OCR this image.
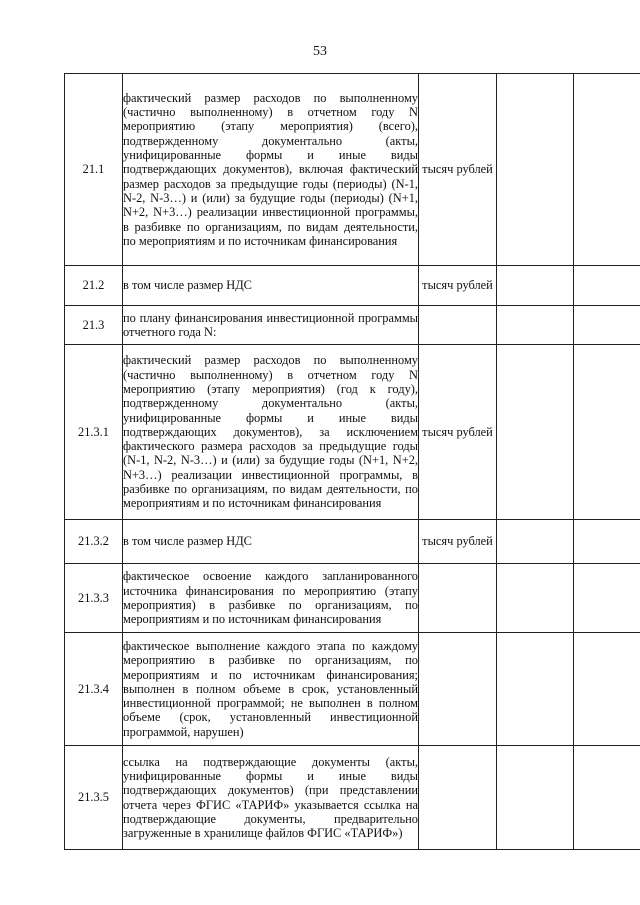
53
21.1	фактический размер расходов по выполненному (частично выполненному) в отчетном году N мероприятию (этапу мероприятия) (всего), подтвержденному документально (акты, унифицированные формы и иные виды подтверждающих документов), включая фактический размер расходов за предыдущие годы (периоды) (N-1, N-2, N-3…) и (или) за будущие годы (периоды) (N+1, N+2, N+3…) реализации инвестиционной программы, в разбивке по организациям, по видам деятельности, по мероприятиям и по источникам финансирования	тысяч рублей		
21.2	в том числе размер НДС	тысяч рублей		
21.3	по плану финансирования инвестиционной программы отчетного года N:			

21.3.1	фактический размер расходов по выполненному (частично выполненному) в отчетном году N мероприятию (этапу мероприятия) (год к году), подтвержденному документально (акты, унифицированные формы и иные виды подтверждающих документов), за исключением фактического размера расходов за предыдущие годы (N-1, N-2, N-3…) и (или) за будущие годы (N+1, N+2, N+3…) реализации инвестиционной программы, в разбивке по организациям, по видам деятельности, по мероприятиям и по источникам финансирования	тысяч рублей		
21.3.2	в том числе размер НДС	тысяч рублей		
21.3.3	фактическое освоение каждого запланированного источника финансирования по мероприятию (этапу мероприятия) в разбивке по организациям, по мероприятиям и по источникам финансирования			

21.3.4	фактическое выполнение каждого этапа по каждому мероприятию в разбивке по организациям, по мероприятиям и по источникам финансирования; выполнен в полном объеме в срок, установленный инвестиционной программой; не выполнен в полном объеме (срок, установленный инвестиционной программой, нарушен)			

21.3.5	ссылка на подтверждающие документы (акты, унифицированные формы и иные виды подтверждающих документов) (при представлении отчета через ФГИС «ТАРИФ» указывается ссылка на подтверждающие документы, предварительно загруженные в хранилище файлов ФГИС «ТАРИФ»)			
